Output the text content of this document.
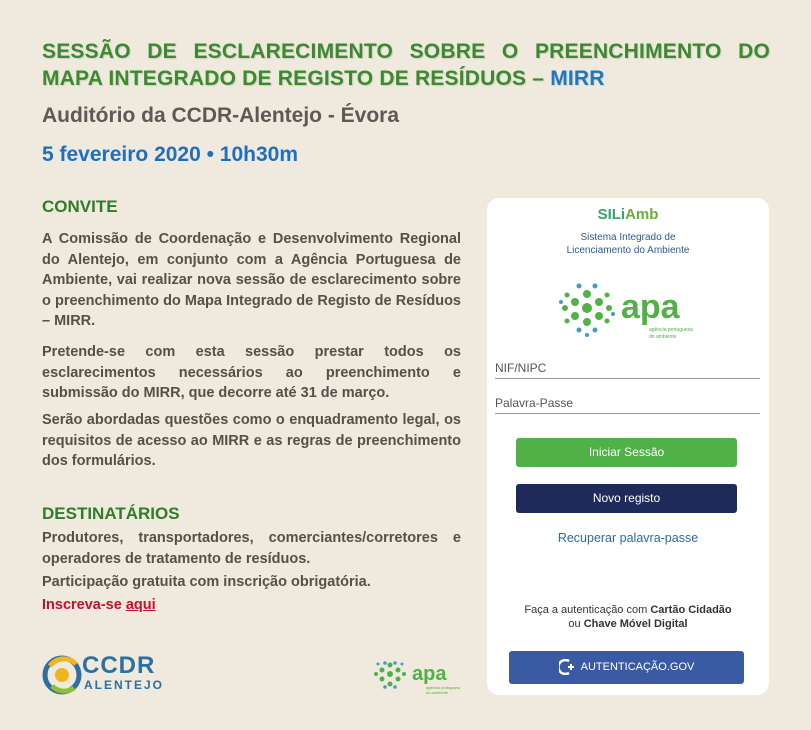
SESSÃO DE ESCLARECIMENTO SOBRE O PREENCHIMENTO DO MAPA INTEGRADO DE REGISTO DE RESÍDUOS – MIRR
Auditório da CCDR-Alentejo - Évora
5 fevereiro 2020 • 10h30m
CONVITE
A Comissão de Coordenação e Desenvolvimento Regional do Alentejo, em conjunto com a Agência Portuguesa de Ambiente, vai realizar nova sessão de esclarecimento sobre o preenchimento do Mapa Integrado de Registo de Resíduos – MIRR.
Pretende-se com esta sessão prestar todos os esclarecimentos necessários ao preenchimento e submissão do MIRR, que decorre até 31 de março.
Serão abordadas questões como o enquadramento legal, os requisitos de acesso ao MIRR e as regras de preenchimento dos formulários.
DESTINATÁRIOS
Produtores, transportadores, comerciantes/corretores e operadores de tratamento de resíduos.
Participação gratuita com inscrição obrigatória.
Inscreva-se aqui
CCDR
ALENTEJO	apa
agência portuguesa
do ambiente
SILiAmb
Sistema Integrado de
Licenciamento do Ambiente
apa
agência portuguesa
do ambiente
NIF/NIPC
Palavra-Passe
Iniciar Sessão
Novo registo
Recuperar palavra-passe
Faça a autenticação com Cartão Cidadão
ou Chave Móvel Digital
AUTENTICAÇÃO.GOV
